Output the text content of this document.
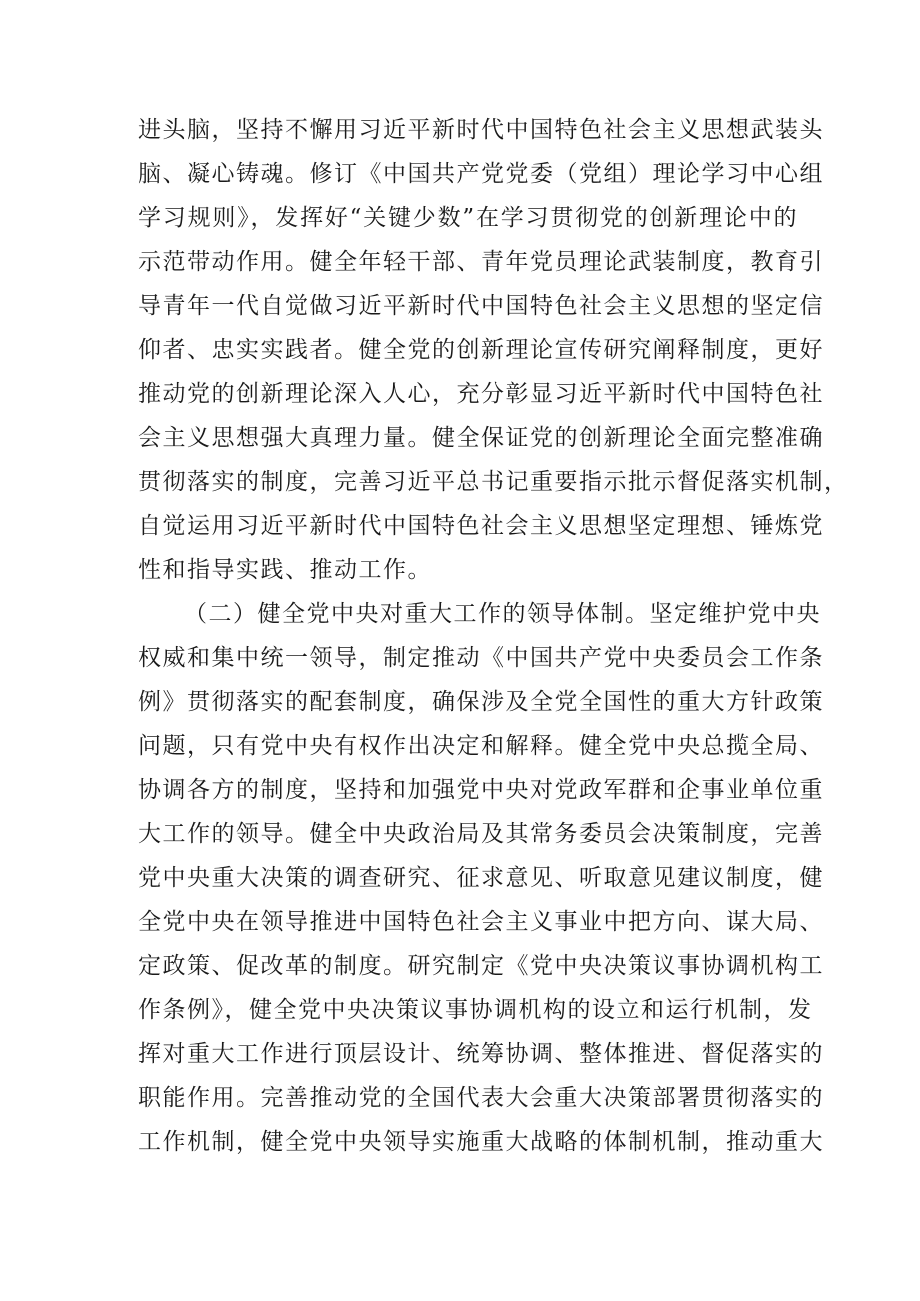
进头脑，坚持不懈用习近平新时代中国特色社会主义思想武装头
脑、凝心铸魂。修订《中国共产党党委（党组）理论学习中心组
学习规则》，发挥好“关键少数”在学习贯彻党的创新理论中的
示范带动作用。健全年轻干部、青年党员理论武装制度，教育引
导青年一代自觉做习近平新时代中国特色社会主义思想的坚定信
仰者、忠实实践者。健全党的创新理论宣传研究阐释制度，更好
推动党的创新理论深入人心，充分彰显习近平新时代中国特色社
会主义思想强大真理力量。健全保证党的创新理论全面完整准确
贯彻落实的制度，完善习近平总书记重要指示批示督促落实机制，
自觉运用习近平新时代中国特色社会主义思想坚定理想、锤炼党
性和指导实践、推动工作。
（二）健全党中央对重大工作的领导体制。坚定维护党中央
权威和集中统一领导，制定推动《中国共产党中央委员会工作条
例》贯彻落实的配套制度，确保涉及全党全国性的重大方针政策
问题，只有党中央有权作出决定和解释。健全党中央总揽全局、
协调各方的制度，坚持和加强党中央对党政军群和企事业单位重
大工作的领导。健全中央政治局及其常务委员会决策制度，完善
党中央重大决策的调查研究、征求意见、听取意见建议制度，健
全党中央在领导推进中国特色社会主义事业中把方向、谋大局、
定政策、促改革的制度。研究制定《党中央决策议事协调机构工
作条例》，健全党中央决策议事协调机构的设立和运行机制，发
挥对重大工作进行顶层设计、统筹协调、整体推进、督促落实的
职能作用。完善推动党的全国代表大会重大决策部署贯彻落实的
工作机制，健全党中央领导实施重大战略的体制机制，推动重大
